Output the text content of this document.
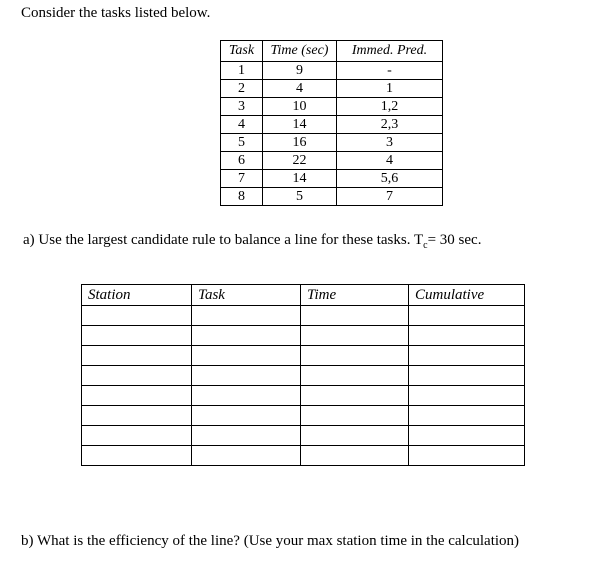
Consider the tasks listed below.
Task	Time (sec)	Immed. Pred.
1	9	-
2	4	1
3	10	1,2
4	14	2,3
5	16	3
6	22	4
7	14	5,6
8	5	7
a) Use the largest candidate rule to balance a line for these tasks. $T_c= 30$ sec.
Station	Task	Time	Cumulative

b) What is the efficiency of the line? (Use your max station time in the calculation)
